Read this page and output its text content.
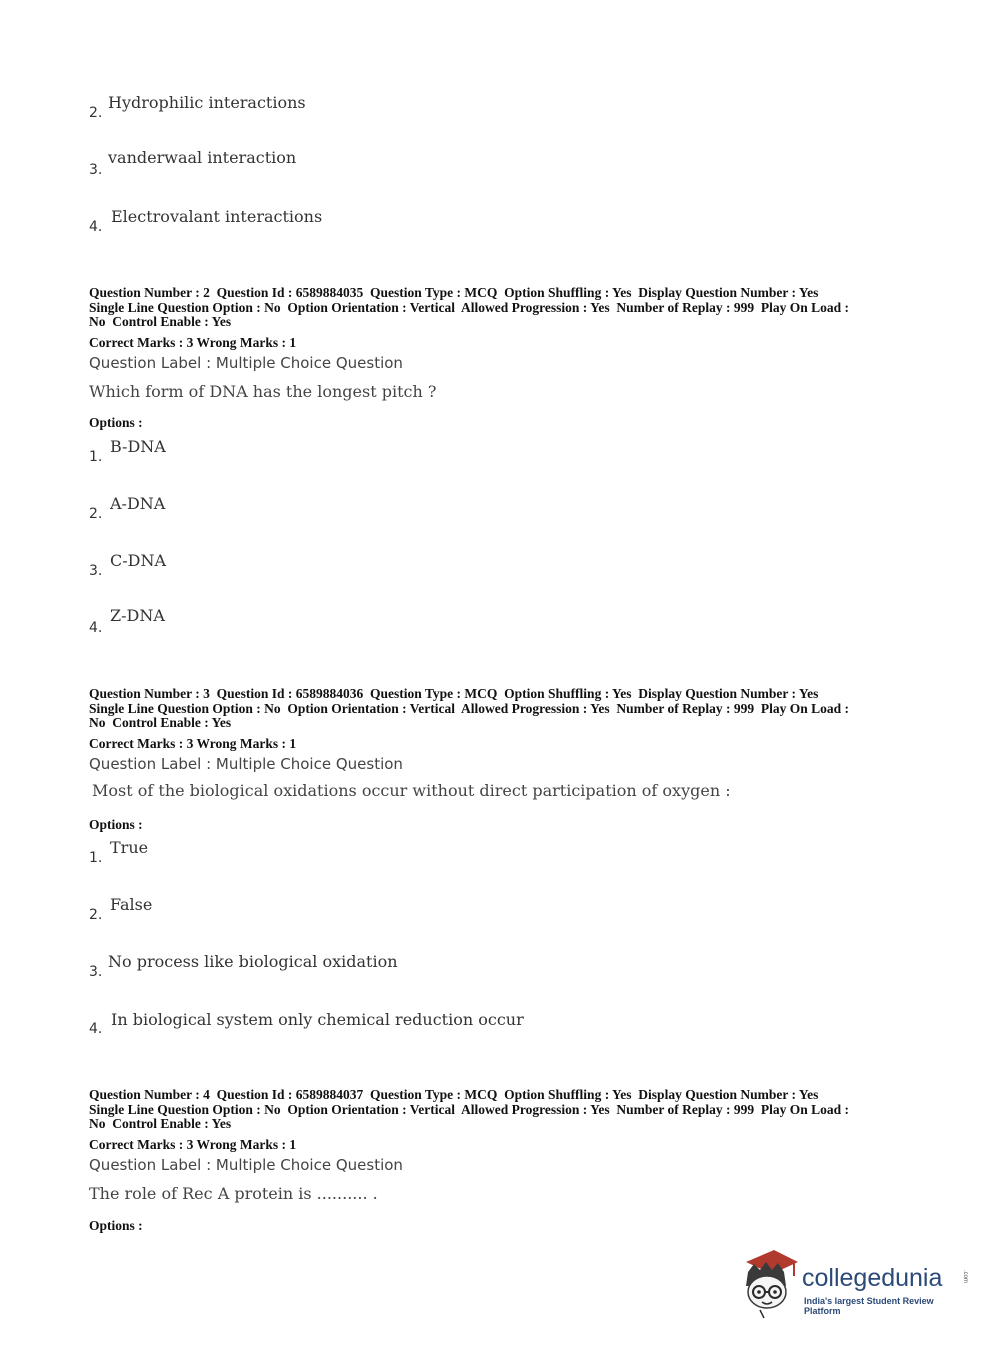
2.
Hydrophilic interactions
3.
vanderwaal interaction
4.
Electrovalant interactions
Question Number : 2  Question Id : 6589884035  Question Type : MCQ  Option Shuffling : Yes  Display Question Number : Yes
Single Line Question Option : No  Option Orientation : Vertical  Allowed Progression : Yes  Number of Replay : 999  Play On Load :
No  Control Enable : Yes
Correct Marks : 3 Wrong Marks : 1
Question Label : Multiple Choice Question
Which form of DNA has the longest pitch ?
Options :
1.
B-DNA
2.
A-DNA
3.
C-DNA
4.
Z-DNA
Question Number : 3  Question Id : 6589884036  Question Type : MCQ  Option Shuffling : Yes  Display Question Number : Yes
Single Line Question Option : No  Option Orientation : Vertical  Allowed Progression : Yes  Number of Replay : 999  Play On Load :
No  Control Enable : Yes
Correct Marks : 3 Wrong Marks : 1
Question Label : Multiple Choice Question
Most of the biological oxidations occur without direct participation of oxygen :
Options :
1.
True
2.
False
3.
No process like biological oxidation
4. In biological system only chemical reduction occur
Question Number : 4  Question Id : 6589884037  Question Type : MCQ  Option Shuffling : Yes  Display Question Number : Yes
Single Line Question Option : No  Option Orientation : Vertical  Allowed Progression : Yes  Number of Replay : 999  Play On Load :
No  Control Enable : Yes
Correct Marks : 3 Wrong Marks : 1
Question Label : Multiple Choice Question
The role of Rec A protein is .......... .
Options :
collegedunia	.com
India's largest Student Review Platform
